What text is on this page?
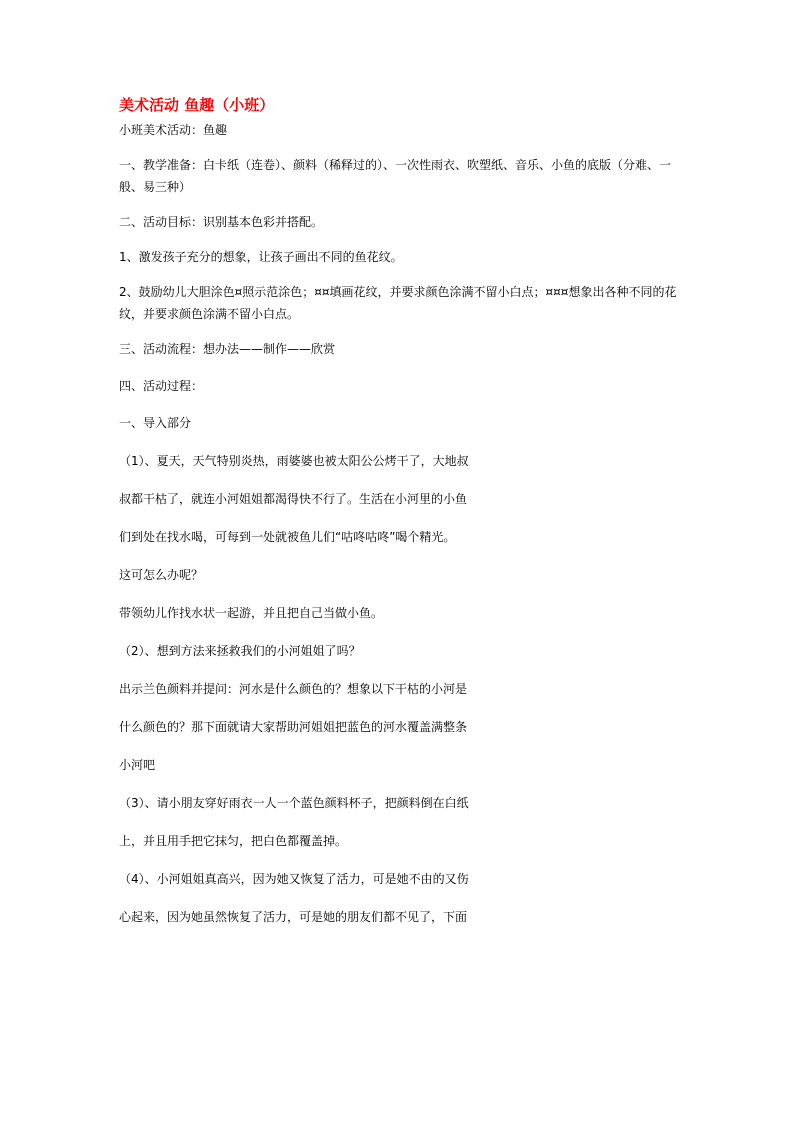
美术活动 鱼趣（小班）

小班美术活动：鱼趣

一、教学准备：白卡纸（连卷）、颜料（稀释过的）、一次性雨衣、吹塑纸、音乐、小鱼的底版（分难、一般、易三种）

二、活动目标：识别基本色彩并搭配。

1、激发孩子充分的想象，让孩子画出不同的鱼花纹。

2、鼓励幼儿大胆涂色¤照示范涂色；¤¤填画花纹，并要求颜色涂满不留小白点；¤¤¤想象出各种不同的花纹，并要求颜色涂满不留小白点。

三、活动流程：想办法——制作——欣赏

四、活动过程：

一、导入部分

（1）、夏天，天气特别炎热，雨婆婆也被太阳公公烤干了，大地叔

叔都干枯了，就连小河姐姐都渴得快不行了。生活在小河里的小鱼

们到处在找水喝，可每到一处就被鱼儿们“咕咚咕咚”喝个精光。

这可怎么办呢？

带领幼儿作找水状一起游，并且把自己当做小鱼。

（2）、想到方法来拯救我们的小河姐姐了吗？

出示兰色颜料并提问：河水是什么颜色的？想象以下干枯的小河是

什么颜色的？那下面就请大家帮助河姐姐把蓝色的河水覆盖满整条

小河吧

（3）、请小朋友穿好雨衣一人一个蓝色颜料杯子，把颜料倒在白纸

上，并且用手把它抹匀，把白色都覆盖掉。

（4）、小河姐姐真高兴，因为她又恢复了活力，可是她不由的又伤

心起来，因为她虽然恢复了活力，可是她的朋友们都不见了，下面
